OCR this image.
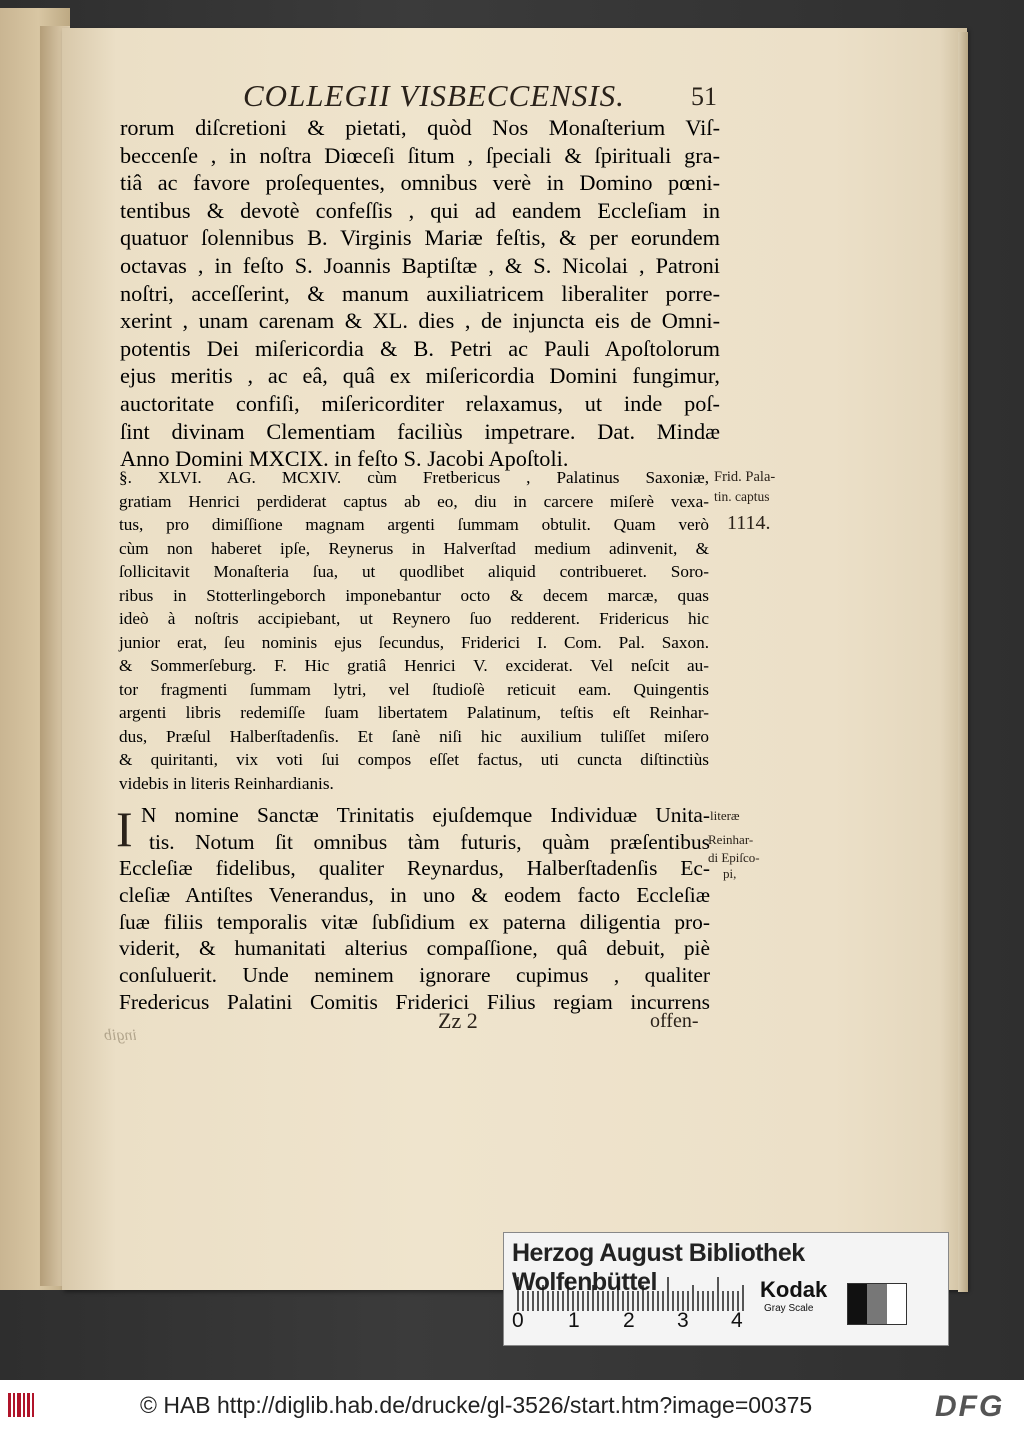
COLLEGII VISBECCENSIS.	51
rorum diſcretioni & pietati, quòd Nos Monaſterium Viſ-
beccenſe , in noſtra Diœceſi ſitum , ſpeciali & ſpirituali gra-
tiâ ac favore proſequentes, omnibus verè in Domino pœni-
tentibus & devotè confeſſis , qui ad eandem Eccleſiam in
quatuor ſolennibus B. Virginis Mariæ feſtis, & per eorundem
octavas , in feſto S. Joannis Baptiſtæ , & S. Nicolai , Patroni
noſtri, acceſſerint, & manum auxiliatricem liberaliter porre-
xerint , unam carenam & XL. dies , de injuncta eis de Omni-
potentis Dei miſericordia & B. Petri ac Pauli Apoſtolorum
ejus meritis , ac eâ, quâ ex miſericordia Domini fungimur,
auctoritate confiſi, miſericorditer relaxamus, ut inde poſ-
ſint divinam Clementiam faciliùs impetrare. Dat. Mindæ
Anno Domini MXCIX. in feſto S. Jacobi Apoſtoli.
§. XLVI. AG. MCXIV. cùm Fretbericus , Palatinus Saxoniæ,
gratiam Henrici perdiderat captus ab eo, diu in carcere miſerè vexa-
tus, pro dimiſſione magnam argenti ſummam obtulit. Quam verò
cùm non haberet ipſe, Reynerus in Halverſtad medium adinvenit, &
ſollicitavit Monaſteria ſua, ut quodlibet aliquid contribueret. Soro-
ribus in Stotterlingeborch imponebantur octo & decem marcæ, quas
ideò à noſtris accipiebant, ut Reynero ſuo redderent. Fridericus hic
junior erat, ſeu nominis ejus ſecundus, Friderici I. Com. Pal. Saxon.
& Sommerſeburg. F. Hic gratiâ Henrici V. exciderat. Vel neſcit au-
tor fragmenti ſummam lytri, vel ſtudioſè reticuit eam. Quingentis
argenti libris redemiſſe ſuam libertatem Palatinum, teſtis eſt Reinhar-
dus, Præſul Halberſtadenſis. Et ſanè niſi hic auxilium tuliſſet miſero
& quiritanti, vix voti ſui compos eſſet factus, uti cuncta diſtinctiùs
videbis in literis Reinhardianis.
I N nomine Sanctæ Trinitatis ejuſdemque Individuæ Unita-
tis. Notum ſit omnibus tàm futuris, quàm præſentibus
Eccleſiæ fidelibus, qualiter Reynardus, Halberſtadenſis Ec-
cleſiæ Antiſtes Venerandus, in uno & eodem facto Eccleſiæ
ſuæ filiis temporalis vitæ ſubſidium ex paterna diligentia pro-
viderit, & humanitati alterius compaſſione, quâ debuit, piè
conſuluerit. Unde neminem ignorare cupimus , qualiter
Fredericus Palatini Comitis Friderici Filius regiam incurrens
Frid. Pala-
tin. captus
1114.
literæ
Reinhar-
di Epiſco-
pi,
Zz 2	offen-
ingib
Herzog August Bibliothek Wolfenbüttel
0 1 2 3 4
Kodak
Gray Scale
© HAB http://diglib.hab.de/drucke/gl-3526/start.htm?image=00375	DFG
